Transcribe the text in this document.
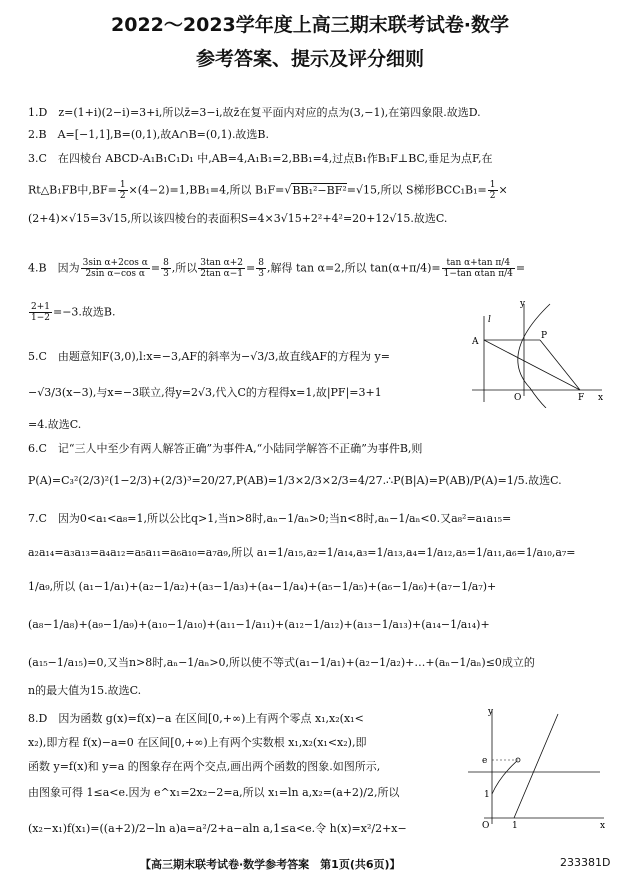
2022～2023学年度上高三期末联考试卷·数学
参考答案、提示及评分细则
1.D　z=(1+i)(2−i)=3+i,所以z̄=3−i,故z̄在复平面内对应的点为(3,−1),在第四象限.故选D.
2.B　A=[−1,1],B=(0,1),故A∩B=(0,1).故选B.
3.C　在四棱台 ABCD-A₁B₁C₁D₁ 中,AB=4,A₁B₁=2,BB₁=4,过点B₁作B₁F⊥BC,垂足为点F,在
Rt△B₁FB中$,BF= \frac{1}{2} \times(4-2)=1,BB_1=4$,所以 B₁F=√BB₁²−BF²=√15,所以 S梯形$BCC_1B_1= \frac{1}{2}$ ×
(2+4)×√15=3√15,所以该四棱台的表面积S=4×3√15+2²+4²=20+12√15.故选C.
4.B　因为 $\frac{\text{3sin α+2cos α}}{\text{2sin α−cos α}} = \frac{8}{3}$ ,所以 $\frac{\text{3tan α+2}}{\text{2tan α−1}} = \frac{8}{3}$ ,解得 tan α=2,所以 $\tan(\alpha+\pi/4)= \frac{\text{tan α+tan π/4}}{\text{1−tan αtan π/4}}$ =
$\frac{2+1}{1-2} =-3$.故选B.
5.C　由题意知F(3,0),l:x=−3,AF的斜率为−√3/3,故直线AF的方程为 y=
−√3/3(x−3),与x=−3联立,得y=2√3,代入C的方程得x=1,故|PF|=3+1
=4.故选C.
y
l
A
P
O	F x
6.C　记“三人中至少有两人解答正确”为事件A,“小陆同学解答不正确”为事件B,则
P(A)=C₃²(2/3)²(1−2/3)+(2/3)³=20/27,P(AB)=1/3×2/3×2/3=4/27.∴P(B|A)=P(AB)/P(A)=1/5.故选C.
7.C　因为0<a₁<a₈=1,所以公比q>1,当n>8时,aₙ−1/aₙ>0;当n<8时,aₙ−1/aₙ<0.又a₈²=a₁a₁₅=
a₂a₁₄=a₃a₁₃=a₄a₁₂=a₅a₁₁=a₆a₁₀=a₇a₉,所以 a₁=1/a₁₅,a₂=1/a₁₄,a₃=1/a₁₃,a₄=1/a₁₂,a₅=1/a₁₁,a₆=1/a₁₀,a₇=
1/a₉,所以 (a₁−1/a₁)+(a₂−1/a₂)+(a₃−1/a₃)+(a₄−1/a₄)+(a₅−1/a₅)+(a₆−1/a₆)+(a₇−1/a₇)+
(a₈−1/a₈)+(a₉−1/a₉)+(a₁₀−1/a₁₀)+(a₁₁−1/a₁₁)+(a₁₂−1/a₁₂)+(a₁₃−1/a₁₃)+(a₁₄−1/a₁₄)+
(a₁₅−1/a₁₅)=0,又当n>8时,aₙ−1/aₙ>0,所以使不等式(a₁−1/a₁)+(a₂−1/a₂)+…+(aₙ−1/aₙ)≤0成立的
n的最大值为15.故选C.
8.D　因为函数 g(x)=f(x)−a 在区间[0,+∞)上有两个零点 x₁,x₂(x₁<
x₂),即方程 f(x)−a=0 在区间[0,+∞)上有两个实数根 x₁,x₂(x₁<x₂),即
函数 y=f(x)和 y=a 的图象存在两个交点,画出两个函数的图象.如图所示,
由图象可得 1≤a<e.因为 e^x₁=2x₂−2=a,所以 x₁=ln a,x₂=(a+2)/2,所以
(x₂−x₁)f(x₁)=((a+2)/2−ln a)a=a²/2+a−aln a,1≤a<e.令 h(x)=x²/2+x−
y
e
1
O	1	x
【高三期末联考试卷·数学参考答案　第1页(共6页)】	233381D
